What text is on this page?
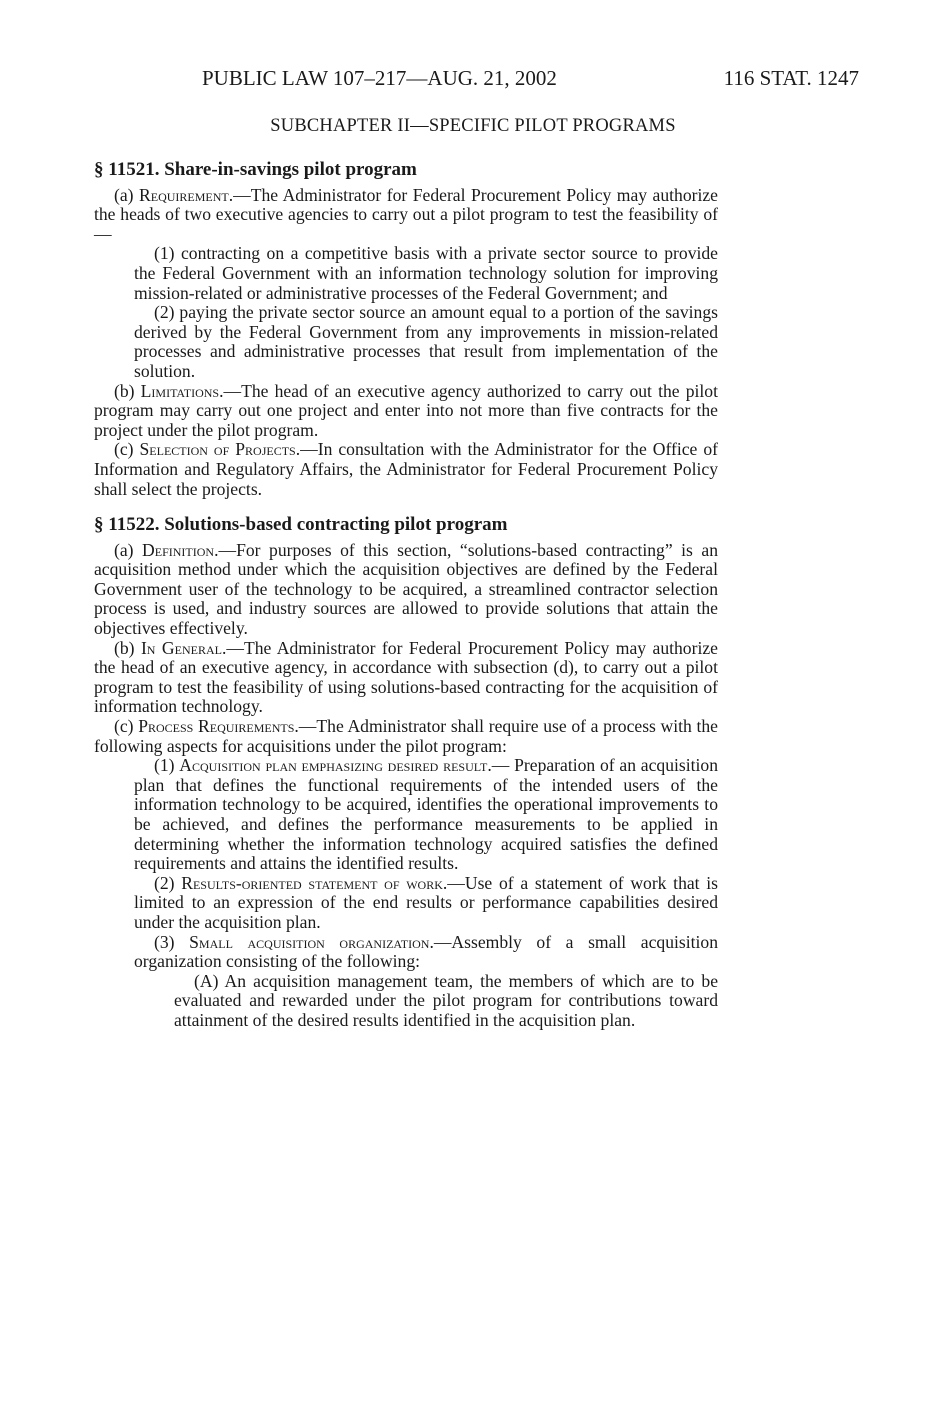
PUBLIC LAW 107–217—AUG. 21, 2002	116 STAT. 1247
SUBCHAPTER II—SPECIFIC PILOT PROGRAMS
§ 11521. Share-in-savings pilot program

(a) Requirement.—The Administrator for Federal Procurement Policy may authorize the heads of two executive agencies to carry out a pilot program to test the feasibility of—

(1) contracting on a competitive basis with a private sector source to provide the Federal Government with an information technology solution for improving mission-related or administrative processes of the Federal Government; and

(2) paying the private sector source an amount equal to a portion of the savings derived by the Federal Government from any improvements in mission-related processes and administrative processes that result from implementation of the solution.

(b) Limitations.—The head of an executive agency authorized to carry out the pilot program may carry out one project and enter into not more than five contracts for the project under the pilot program.

(c) Selection of Projects.—In consultation with the Administrator for the Office of Information and Regulatory Affairs, the Administrator for Federal Procurement Policy shall select the projects.

§ 11522. Solutions-based contracting pilot program

(a) Definition.—For purposes of this section, “solutions-based contracting” is an acquisition method under which the acquisition objectives are defined by the Federal Government user of the technology to be acquired, a streamlined contractor selection process is used, and industry sources are allowed to provide solutions that attain the objectives effectively.

(b) In General.—The Administrator for Federal Procurement Policy may authorize the head of an executive agency, in accordance with subsection (d), to carry out a pilot program to test the feasibility of using solutions-based contracting for the acquisition of information technology.

(c) Process Requirements.—The Administrator shall require use of a process with the following aspects for acquisitions under the pilot program:

(1) Acquisition plan emphasizing desired result.— Preparation of an acquisition plan that defines the functional requirements of the intended users of the information technology to be acquired, identifies the operational improvements to be achieved, and defines the performance measurements to be applied in determining whether the information technology acquired satisfies the defined requirements and attains the identified results.

(2) Results-oriented statement of work.—Use of a statement of work that is limited to an expression of the end results or performance capabilities desired under the acquisition plan.

(3) Small acquisition organization.—Assembly of a small acquisition organization consisting of the following:

(A) An acquisition management team, the members of which are to be evaluated and rewarded under the pilot program for contributions toward attainment of the desired results identified in the acquisition plan.
